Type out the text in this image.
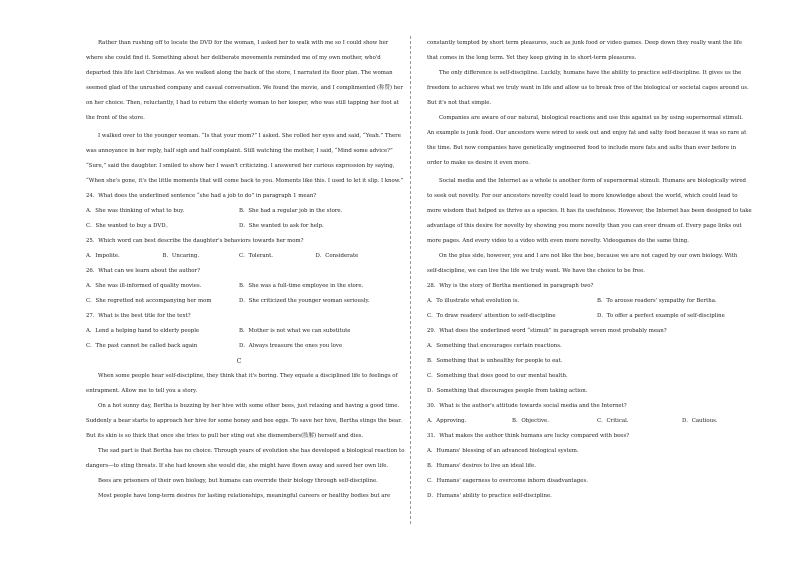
Rather than rushing off to locate the DVD for the woman, I asked her to walk with me so I could show her
where she could find it. Something about her deliberate movements reminded me of my own mother, who'd
departed this life last Christmas. As we walked along the back of the store, I narrated its floor plan. The woman
seemed glad of the unrushed company and casual conversation. We found the movie, and I complimented (称赞) her
on her choice. Then, reluctantly, I had to return the elderly woman to her keeper, who was still tapping her foot at
the front of the store.
I walked over to the younger woman. “Is that your mom?” I asked. She rolled her eyes and said, “Yeah.” There
was annoyance in her reply, half sigh and half complaint. Still watching the mother, I said, “Mind some advice?”
“Sure,” said the daughter. I smiled to show her I wasn't criticizing. I answered her curious expression by saying,
“When she's gone, it's the little moments that will come back to you. Moments like this. I used to let it slip. I know.”
24．What does the underlined sentence “she had a job to do” in paragraph 1 mean?
A．She was thinking of what to buy.	B．She had a regular job in the store.
C．She wanted to buy a DVD。	D．She wanted to ask for help.
25．Which word can best describe the daughter's behaviors towards her mom?
A．Impolite.	B．Uncaring.	C．Tolerant.	D．Considerate
26．What can we learn about the author?
A．She was ill-informed of quality movies.	B．She was a full-time employee in the store.
C．She regretted not accompanying her mom	D．She criticized the younger woman seriously.
27．What is the best title for the text?
A．Lend a helping hand to elderly people	B．Mother is not what we can substitute
C．The past cannot be called back again	D．Always treasure the ones you love
C
When some people hear self-discipline, they think that it's boring. They equate a disciplined life to feelings of
entrapment. Allow me to tell you a story.
On a hot sunny day, Bertha is buzzing by her hive with some other bees, just relaxing and having a good time.
Suddenly a bear starts to approach her hive for some honey and bee eggs. To save her hive, Bertha stings the bear.
But its skin is so thick that once she tries to pull her sting out she dismembers(肢解) herself and dies.
The sad part is that Bertha has no choice. Through years of evolution she has developed a biological reaction to
dangers—to sting threats. If she had known she would die, she might have flown away and saved her own life.
Bees are prisoners of their own biology, but humans can override their biology through self-discipline.
Most people have long-term desires for lasting relationships, meaningful careers or healthy bodies but are
constantly tempted by short term pleasures, such as junk food or video games. Deep down they really want the life
that comes in the long term. Yet they keep giving in to short-term pleasures.
The only difference is self-discipline. Luckily, humans have the ability to practice self-discipline. It gives us the
freedom to achieve what we truly want in life and allow us to break free of the biological or societal cages around us.
But it's not that simple.
Companies are aware of our natural, biological reactions and use this against us by using supernormal stimuli.
An example is junk food. Our ancestors were wired to seek out and enjoy fat and salty food because it was so rare at
the time. But now companies have genetically engineered food to include more fats and salts than ever before in
order to make us desire it even more.
Social media and the Internet as a whole is another form of supernormal stimuli. Humans are biologically wired
to seek out novelty. For our ancestors novelty could lead to more knowledge about the world, which could lead to
more wisdom that helped us thrive as a species. It has its usefulness. However, the Internet has been designed to take
advantage of this desire for novelty by showing you more novelty than you can ever dream of. Every page links out
more pages. And every video to a video with even more novelty. Videogames do the same thing.
On the plus side, however, you and I are not like the bee, because we are not caged by our own biology. With
self-discipline, we can live the life we truly want. We have the choice to be free.
28．Why is the story of Bertha mentioned in paragraph two?
A．To illustrate what evolution is.	B．To arouse readers' sympathy for Bertha.
C．To draw readers' attention to self-discipline	D．To offer a perfect example of self-discipline
29．What does the underlined word “stimuli” in paragraph seven most probably mean?
A．Something that encourages certain reactions.
B．Something that is unhealthy for people to eat.
C．Something that does good to our mental health.
D．Something that discourages people from taking action.
30．What is the author's attitude towards social media and the Internet?
A．Approving.	B．Objective.	C．Critical.	D．Cautious.
31．What makes the author think humans are lucky compared with bees?
A．Humans' blessing of an advanced biological system.
B．Humans' desires to live an ideal life.
C．Humans' eagerness to overcome inborn disadvantages.
D．Humans' ability to practice self-discipline.
